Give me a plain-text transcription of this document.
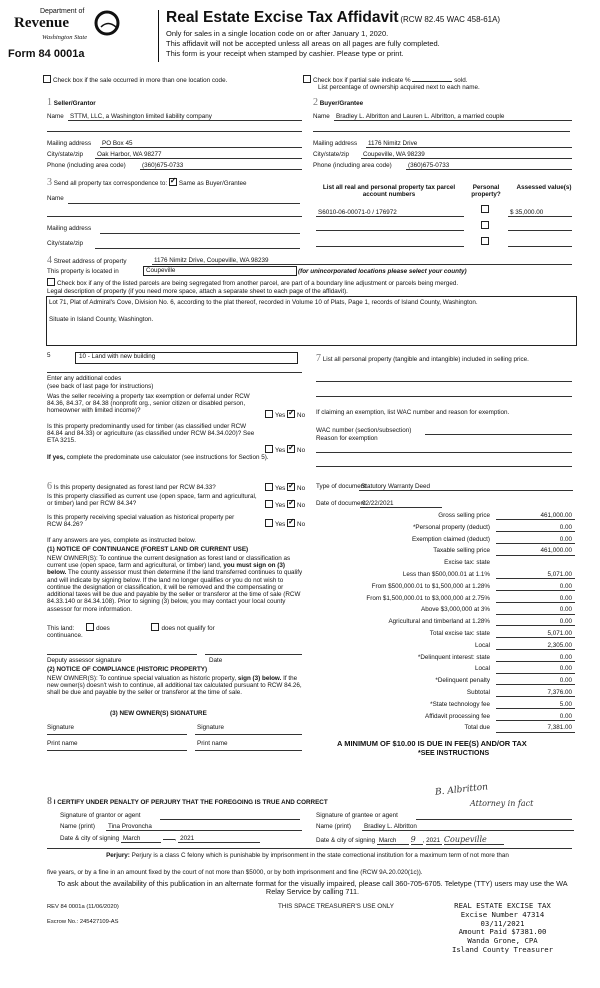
Department of
Revenue
Washington State
Form 84 0001a
Real Estate Excise Tax Affidavit (RCW 82.45 WAC 458-61A)
Only for sales in a single location code on or after January 1, 2020.
This affidavit will not be accepted unless all areas on all pages are fully completed.
This form is your receipt when stamped by cashier. Please type or print.
Check box if the sale occurred in more than one location code.	Check box if partial sale indicate %	sold.
List percentage of ownership acquired next to each name.
1 Seller/Grantor
Name STTM, LLC, a Washington limited liability company
Mailing address	PO Box 45
City/state/zip	Oak Harbor, WA 98277
Phone (including area code)	(360)675-0733
2 Buyer/Grantee
Name Bradley L. Albritton and Lauren L. Albritton, a married couple
Mailing address	1176 Nimitz Drive
City/state/zip	Coupeville, WA 98239
Phone (including area code)	(360)675-0733
3 Send all property tax correspondence to: ✓ Same as Buyer/Grantee
Name
Mailing address
City/state/zip
List all real and personal property tax parcel account numbers
Personal property?
Assessed value(s)
S6010-06-00071-0 / 176972	$ 35,000.00
4 Street address of property	1176 Nimitz Drive, Coupeville, WA 98239
This property is located in	Coupeville	(for unincorporated locations please select your county)
Check box if any of the listed parcels are being segregated from another parcel, are part of a boundary line adjustment or parcels being merged.
Legal description of property (if you need more space, attach a separate sheet to each page of the affidavit).
Lot 71, Plat of Admiral's Cove, Division No. 6, according to the plat thereof, recorded in Volume 10 of Plats, Page 1, records of Island County, Washington.
Situate in Island County, Washington.
5	10 - Land with new building
Enter any additional codes
(see back of last page for instructions)
Was the seller receiving a property tax exemption or deferral under RCW 84.36, 84.37, or 84.38 (nonprofit org., senior citizen or disabled person, homeowner with limited income)?
Yes ✓ No
Is this property predominantly used for timber (as classified under RCW 84.84 and 84.33) or agriculture (as classified under RCW 84.34.020)? See ETA 3215.
Yes ✓ No
If yes, complete the predominate use calculator (see instructions for Section 5).
7 List all personal property (tangible and intangible) included in selling price.
If claiming an exemption, list WAC number and reason for exemption.
WAC number (section/subsection)
Reason for exemption
6 Is this property designated as forest land per RCW 84.33?	Yes ✓ No
Is this property classified as current use (open space, farm and agricultural, or timber) land per RCW 84.34?	Yes ✓ No
Is this property receiving special valuation as historical property per RCW 84.26?	Yes ✓ No
If any answers are yes, complete as instructed below.
(1) NOTICE OF CONTINUANCE (FOREST LAND OR CURRENT USE)
NEW OWNER(S): To continue the current designation as forest land or classification as current use (open space, farm and agricultural, or timber) land, you must sign on (3) below. The county assessor must then determine if the land transferred continues to qualify and will indicate by signing below. If the land no longer qualifies or you do not wish to continue the designation or classification, it will be removed and the compensating or additional taxes will be due and payable by the seller or transferor at the time of sale (RCW 84.33.140 or 84.34.108). Prior to signing (3) below, you may contact your local county assessor for more information.
This land:	does	does not qualify for
continuance.
Deputy assessor signature	Date
(2) NOTICE OF COMPLIANCE (HISTORIC PROPERTY)
NEW OWNER(S): To continue special valuation as historic property, sign (3) below. If the new owner(s) doesn't wish to continue, all additional tax calculated pursuant to RCW 84.26, shall be due and payable by the seller or transferor at the time of sale.
(3) NEW OWNER(S) SIGNATURE
Signature	Signature
Print name	Print name
Type of document
Statutory Warranty Deed
Date of document
02/22/2021
Gross selling price	461,000.00
*Personal property (deduct)	0.00
Exemption claimed (deduct)	0.00
Taxable selling price	461,000.00
Excise tax: state
Less than $500,000.01 at 1.1%	5,071.00
From $500,000.01 to $1,500,000 at 1.28%	0.00
From $1,500,000.01 to $3,000,000 at 2.75%	0.00
Above $3,000,000 at 3%	0.00
Agricultural and timberland at 1.28%	0.00
Total excise tax: state	5,071.00
Local	2,305.00
*Delinquent interest: state	0.00
Local	0.00
*Delinquent penalty	0.00
Subtotal	7,376.00
*State technology fee	5.00
Affidavit processing fee	0.00
Total due	7,381.00
A MINIMUM OF $10.00 IS DUE IN FEE(S) AND/OR TAX
*SEE INSTRUCTIONS
8 I CERTIFY UNDER PENALTY OF PERJURY THAT THE FOREGOING IS TRUE AND CORRECT
B. Albritton
Attorney in fact
Signature of grantor or agent	Signature of grantee or agent
Name (print)	Tina Provoncha	Name (print)	Bradley L. Albritton
Date & city of signing March	, 2021	Date & city of signing March 9 , 2021 Coupeville
Perjury: Perjury is a class C felony which is punishable by imprisonment in the state correctional institution for a maximum term of not more than
five years, or by a fine in an amount fixed by the court of not more than $5000, or by both imprisonment and fine (RCW 9A.20.020(1c)).
To ask about the availability of this publication in an alternate format for the visually impaired, please call 360-705-6705. Teletype (TTY) users may use the WA Relay Service by calling 711.
REV 84 0001a (11/06/2020)	THIS SPACE TREASURER'S USE ONLY
Escrow No.: 245427109-AS
REAL ESTATE EXCISE TAX
Excise Number 47314
03/11/2021
Amount Paid $7381.00
Wanda Grone, CPA
Island County Treasurer
